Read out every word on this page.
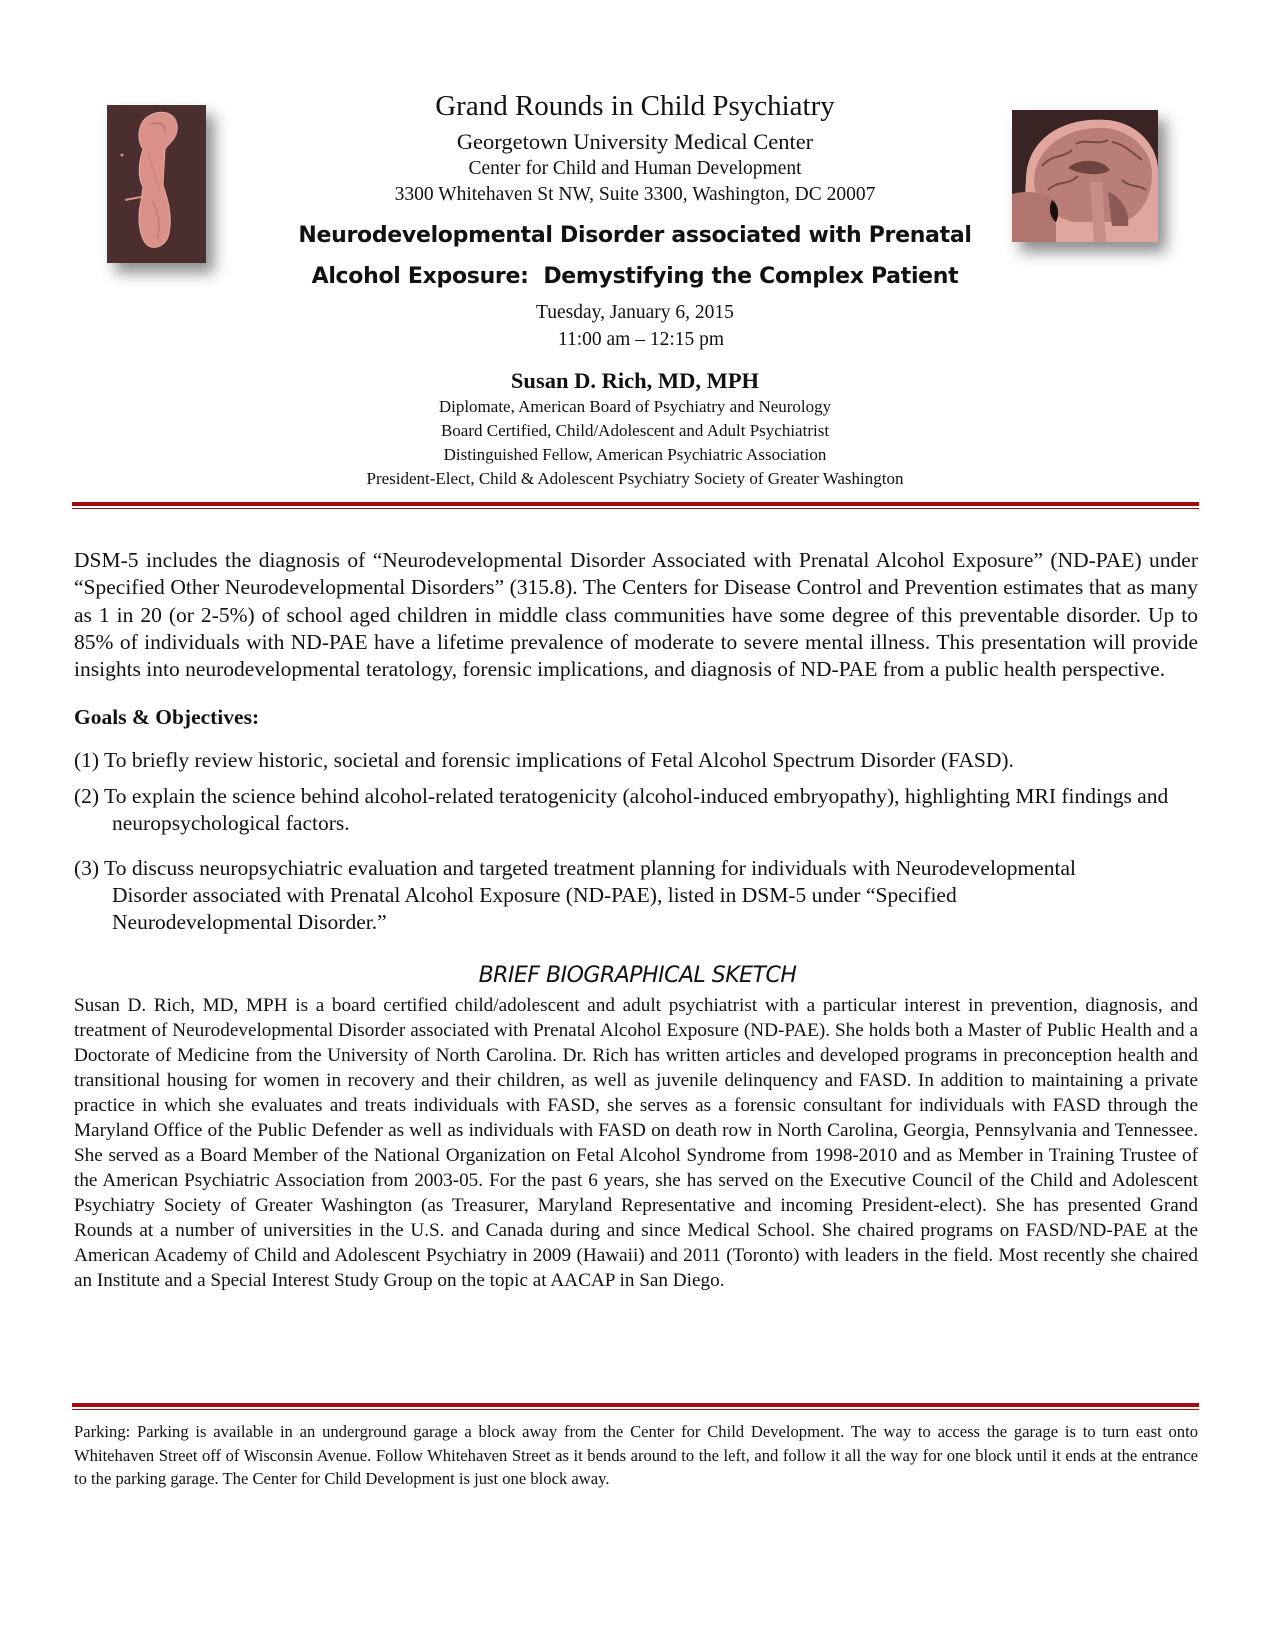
Grand Rounds in Child Psychiatry
Georgetown University Medical Center
Center for Child and Human Development
3300 Whitehaven St NW, Suite 3300, Washington, DC 20007
Neurodevelopmental Disorder associated with Prenatal
Alcohol Exposure:  Demystifying the Complex Patient
Tuesday, January 6, 2015
11:00 am – 12:15 pm
Susan D. Rich, MD, MPH
Diplomate, American Board of Psychiatry and Neurology
Board Certified, Child/Adolescent and Adult Psychiatrist
Distinguished Fellow, American Psychiatric Association
President-Elect, Child & Adolescent Psychiatry Society of Greater Washington
DSM-5 includes the diagnosis of “Neurodevelopmental Disorder Associated with Prenatal Alcohol Exposure” (ND-PAE) under “Specified Other Neurodevelopmental Disorders” (315.8). The Centers for Disease Control and Prevention estimates that as many as 1 in 20 (or 2-5%) of school aged children in middle class communities have some degree of this preventable disorder. Up to 85% of individuals with ND-PAE have a lifetime prevalence of moderate to severe mental illness. This presentation will provide insights into neurodevelopmental teratology, forensic implications, and diagnosis of ND-PAE from a public health perspective.
Goals & Objectives:
(1) To briefly review historic, societal and forensic implications of Fetal Alcohol Spectrum Disorder (FASD).
(2) To explain the science behind alcohol-related teratogenicity (alcohol-induced embryopathy), highlighting MRI findings and neuropsychological factors.
(3) To discuss neuropsychiatric evaluation and targeted treatment planning for individuals with Neurodevelopmental Disorder associated with Prenatal Alcohol Exposure (ND-PAE), listed in DSM-5 under “Specified Neurodevelopmental Disorder.”
BRIEF BIOGRAPHICAL SKETCH
Susan D. Rich, MD, MPH is a board certified child/adolescent and adult psychiatrist with a particular interest in prevention, diagnosis, and treatment of Neurodevelopmental Disorder associated with Prenatal Alcohol Exposure (ND-PAE). She holds both a Master of Public Health and a Doctorate of Medicine from the University of North Carolina. Dr. Rich has written articles and developed programs in preconception health and transitional housing for women in recovery and their children, as well as juvenile delinquency and FASD. In addition to maintaining a private practice in which she evaluates and treats individuals with FASD, she serves as a forensic consultant for individuals with FASD through the Maryland Office of the Public Defender as well as individuals with FASD on death row in North Carolina, Georgia, Pennsylvania and Tennessee. She served as a Board Member of the National Organization on Fetal Alcohol Syndrome from 1998-2010 and as Member in Training Trustee of the American Psychiatric Association from 2003-05. For the past 6 years, she has served on the Executive Council of the Child and Adolescent Psychiatry Society of Greater Washington (as Treasurer, Maryland Representative and incoming President-elect). She has presented Grand Rounds at a number of universities in the U.S. and Canada during and since Medical School. She chaired programs on FASD/ND-PAE at the American Academy of Child and Adolescent Psychiatry in 2009 (Hawaii) and 2011 (Toronto) with leaders in the field. Most recently she chaired an Institute and a Special Interest Study Group on the topic at AACAP in San Diego.
Parking: Parking is available in an underground garage a block away from the Center for Child Development. The way to access the garage is to turn east onto Whitehaven Street off of Wisconsin Avenue. Follow Whitehaven Street as it bends around to the left, and follow it all the way for one block until it ends at the entrance to the parking garage. The Center for Child Development is just one block away.
